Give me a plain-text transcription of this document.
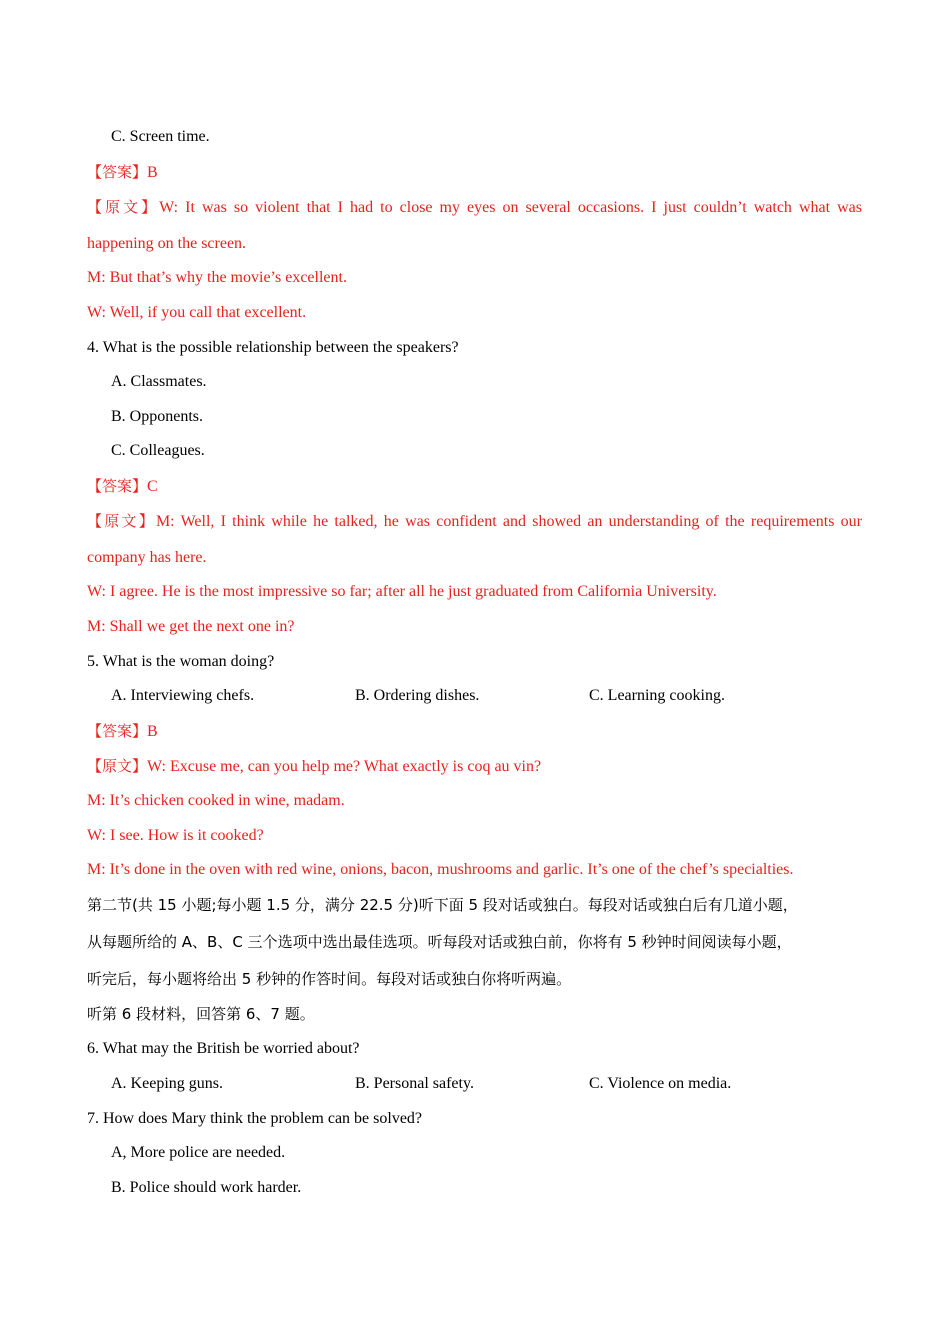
C. Screen time.
【答案】B
【原文】W: It was so violent that I had to close my eyes on several occasions. I just couldn’t watch what was
happening on the screen.
M: But that’s why the movie’s excellent.
W: Well, if you call that excellent.
4. What is the possible relationship between the speakers?
A. Classmates.
B. Opponents.
C. Colleagues.
【答案】C
【原文】M: Well, I think while he talked, he was confident and showed an understanding of the requirements our
company has here.
W: I agree. He is the most impressive so far; after all he just graduated from California University.
M: Shall we get the next one in?
5. What is the woman doing?
A. Interviewing chefs.	B. Ordering dishes.	C. Learning cooking.
【答案】B
【原文】W: Excuse me, can you help me? What exactly is coq au vin?
M: It’s chicken cooked in wine, madam.
W: I see. How is it cooked?
M: It’s done in the oven with red wine, onions, bacon, mushrooms and garlic. It’s one of the chef’s specialties.
第二节(共 15 小题;每小题 1.5 分，满分 22.5 分)听下面 5 段对话或独白。每段对话或独白后有几道小题，
从每题所给的 A、B、C 三个选项中选出最佳选项。听每段对话或独白前，你将有 5 秒钟时间阅读每小题，
听完后，每小题将给出 5 秒钟的作答时间。每段对话或独白你将听两遍。
听第 6 段材料，回答第 6、7 题。
6. What may the British be worried about?
A. Keeping guns.	B. Personal safety.	C. Violence on media.
7. How does Mary think the problem can be solved?
A, More police are needed.
B. Police should work harder.
